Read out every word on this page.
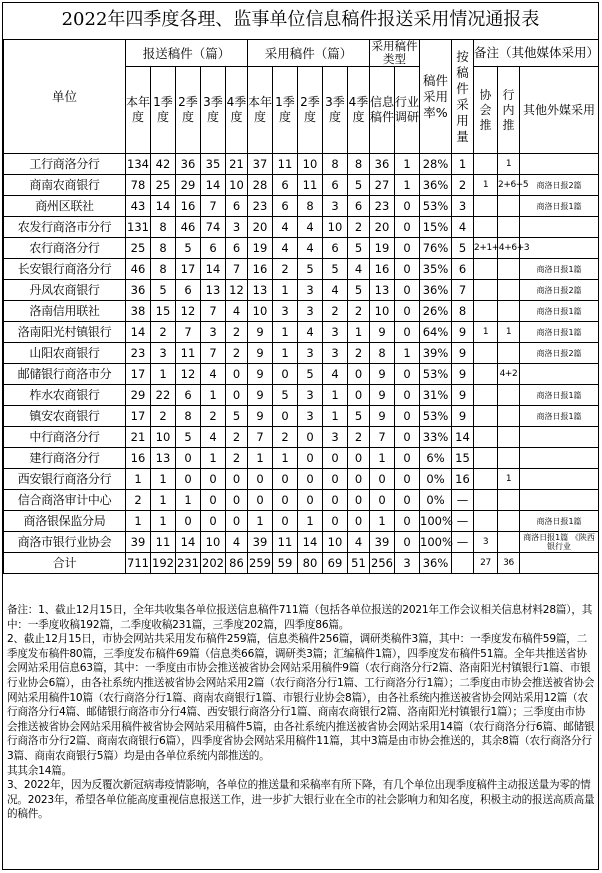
2022年四季度各理、监事单位信息稿件报送采用情况通报表
单位	报送稿件（篇）					采用稿件（篇）					采用稿件类型		稿件采用率%	按稿件采用量	备注（其他媒体采用）		
	本年度	1季度	2季度	3季度	4季度	本年度	1季度	2季度	3季度	4季度	信息稿件	行业调研			协会推	行内推	其他外媒采用
工行商洛分行	134	42	36	35	21	37	11	10	8	8	36	1	28%	1		1	
商南农商银行	78	25	29	14	10	28	6	11	6	5	27	1	36%	2	1	2+6+5	商洛日报2篇
商州区联社	43	14	16	7	6	23	6	8	3	6	23	0	53%	3			商洛日报1篇
农发行商洛市分行	131	8	46	74	3	20	4	4	10	2	20	0	15%	4			
农行商洛分行	25	8	5	6	6	19	4	4	6	5	19	0	76%	5	2+1+4+6+3		
长安银行商洛分行	46	8	17	14	7	16	2	5	5	4	16	0	35%	6			商洛日报1篇
丹凤农商银行	36	5	6	13	12	13	1	3	4	5	13	0	36%	7			商洛日报2篇
洛南信用联社	38	15	12	7	4	10	3	3	2	2	10	0	26%	8			商洛日报1篇
洛南阳光村镇银行	14	2	7	3	2	9	1	4	3	1	9	0	64%	9	1	1	商洛日报1篇
山阳农商银行	23	3	11	7	2	9	1	3	3	2	8	1	39%	9			商洛日报2篇
邮储银行商洛市分	17	1	12	4	0	9	0	5	4	0	9	0	53%	9		4+2	
柞水农商银行	29	22	6	1	0	9	5	3	1	0	9	0	31%	9			商洛日报1篇
镇安农商银行	17	2	8	2	5	9	0	3	1	5	9	0	53%	9			商洛日报1篇
中行商洛分行	21	10	5	4	2	7	2	0	3	2	7	0	33%	14			
建行商洛分行	16	13	0	1	2	1	1	0	0	0	1	0	6%	15			
西安银行商洛分行	1	1	0	0	0	0	0	0	0	0	0	0	0%	16		1	
信合商洛审计中心	2	1	1	0	0	0	0	0	0	0	0	0	0%	—			
商洛银保监分局	1	1	0	0	0	1	0	1	0	0	1	0	100%	—			商洛日报1篇
商洛市银行业协会	39	11	14	10	4	39	11	14	10	4	39	0	100%	—	3		商洛日报1篇 《陕西银行业
合计	711	192	231	202	86	259	59	80	69	51	256	3	36%		27	36	

备注：1、截止12月15日，全年共收集各单位报送信息稿件711篇（包括各单位报送的2021年工作会议相关信息材料28篇），其中：一季度收稿192篇，二季度收稿231篇，三季度202篇，四季度86篇。

2、截止12月15日，市协会网站共采用发布稿件259篇，信息类稿件256篇，调研类稿件3篇，其中：一季度发布稿件59篇，二季度发布稿件80篇，三季度发布稿件69篇（信息类66篇，调研类3篇；汇编稿件1篇），四季度发布稿件51篇。全年共推送省协会网站采用信息63篇，其中：一季度由市协会推送被省协会网站采用稿件9篇（农行商洛分行2篇、洛南阳光村镇银行1篇、市银行业协会6篇），由各社系统内推送被省协会网站采用2篇（农行商洛分行1篇、工行商洛分行1篇）；二季度由市协会推送被省协会网站采用稿件10篇（农行商洛分行1篇、商南农商银行1篇、市银行业协会8篇），由各社系统内推送被省协会网站采用12篇（农行商洛分行4篇、邮储银行商洛市分行4篇、西安银行商洛分行1篇、商南农商银行2篇、洛南阳光村镇银行1篇）；三季度由市协会推送被省协会网站采用稿件被省协会网站采用稿件5篇，由各社系统内推送被省协会网站采用14篇（农行商洛分行6篇、邮储银行商洛市分行2篇、商南农商银行6篇），四季度省协会网站采用稿件11篇，其中3篇是由市协会推送的，其余8篇（农行商洛分行3篇、商南农商银行5篇）均是由各单位系统内部推送的。

其其余14篇。

3、2022年，因为反覆次新冠病毒疫情影响，各单位的推送量和采稿率有所下降，有几个单位出现季度稿件主动报送量为零的情况。2023年，希望各单位能高度重视信息报送工作，进一步扩大银行业在全市的社会影响力和知名度，积极主动的报送高质高量的稿件。
